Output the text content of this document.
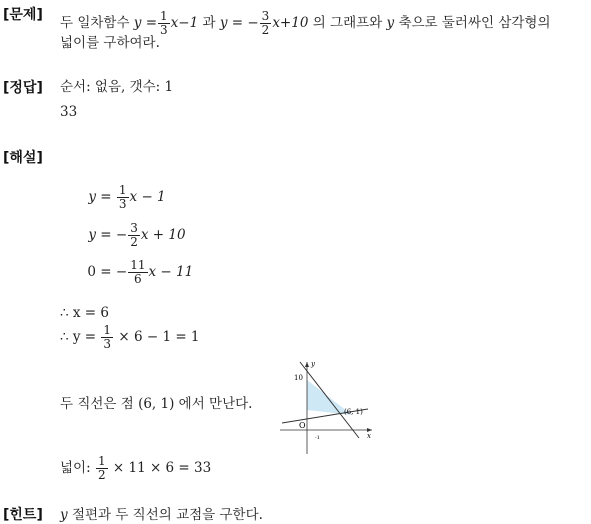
[문제] 두 일차함수 $y = \frac{1}{3} x-1$ 과 y = − $\frac{3}{2} x+10$ 의 그래프와 y 축으로 둘러싸인 삼각형의
넓이를 구하여라.
[정답] 순서: 없음, 갯수: 1
33
[해설]
$y = \frac{1}{3}$ x − 1
y = − $\frac{3}{2}$ x + 10
0 = − $\frac{11}{6}$ x − 11
∴ x = 6
∴ $y = \frac{1}{3} \times 6 - 1 = 1$
두 직선은 점 (6, 1) 에서 만난다.
y
x
O
10
(6, 1)
-1
넓이: $\frac{1}{2} \times 11 \times 6 = 33$
[힌트] y 절편과 두 직선의 교점을 구한다.
